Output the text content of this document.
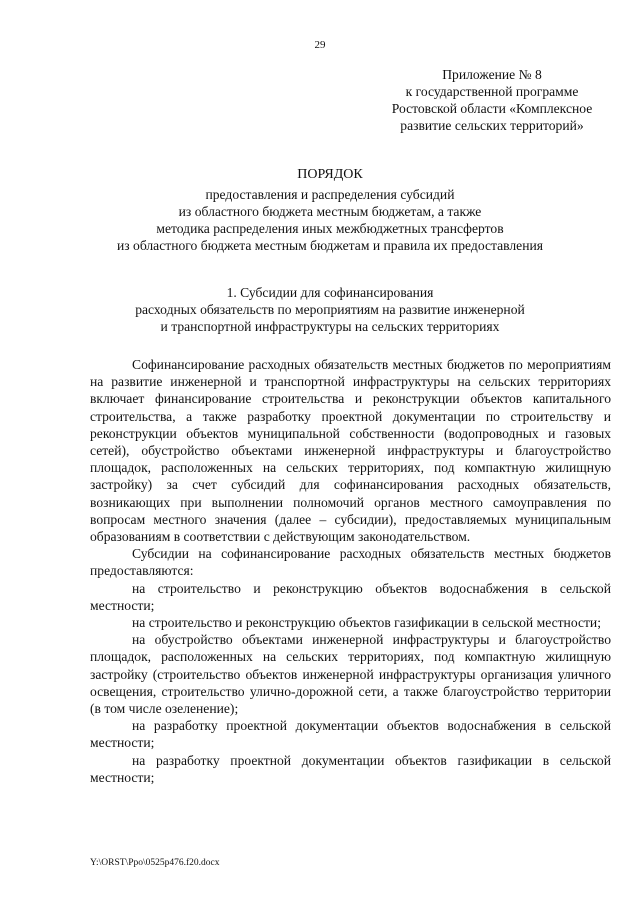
29
Приложение № 8
к государственной программе
Ростовской области «Комплексное
развитие сельских территорий»
ПОРЯДОК
предоставления и распределения субсидий
из областного бюджета местным бюджетам, а также
методика распределения иных межбюджетных трансфертов
из областного бюджета местным бюджетам и правила их предоставления
1. Субсидии для софинансирования
расходных обязательств по мероприятиям на развитие инженерной
и транспортной инфраструктуры на сельских территориях

Софинансирование расходных обязательств местных бюджетов по мероприятиям на развитие инженерной и транспортной инфраструктуры на сельских территориях включает финансирование строительства и реконструкции объектов капитального строительства, а также разработку проектной документации по строительству и реконструкции объектов муниципальной собственности (водопроводных и газовых сетей), обустройство объектами инженерной инфраструктуры и благоустройство площадок, расположенных на сельских территориях, под компактную жилищную застройку) за счет субсидий для софинансирования расходных обязательств, возникающих при выполнении полномочий органов местного самоуправления по вопросам местного значения (далее – субсидии), предоставляемых муниципальным образованиям в соответствии с действующим законодательством.

Субсидии на софинансирование расходных обязательств местных бюджетов предоставляются:

на строительство и реконструкцию объектов водоснабжения в сельской местности;

на строительство и реконструкцию объектов газификации в сельской местности;

на обустройство объектами инженерной инфраструктуры и благоустройство площадок, расположенных на сельских территориях, под компактную жилищную застройку (строительство объектов инженерной инфраструктуры организация уличного освещения, строительство улично-дорожной сети, а также благоустройство территории (в том числе озеленение);

на разработку проектной документации объектов водоснабжения в сельской местности;

на разработку проектной документации объектов газификации в сельской местности;

Y:\ORST\Ppo\0525p476.f20.docx
